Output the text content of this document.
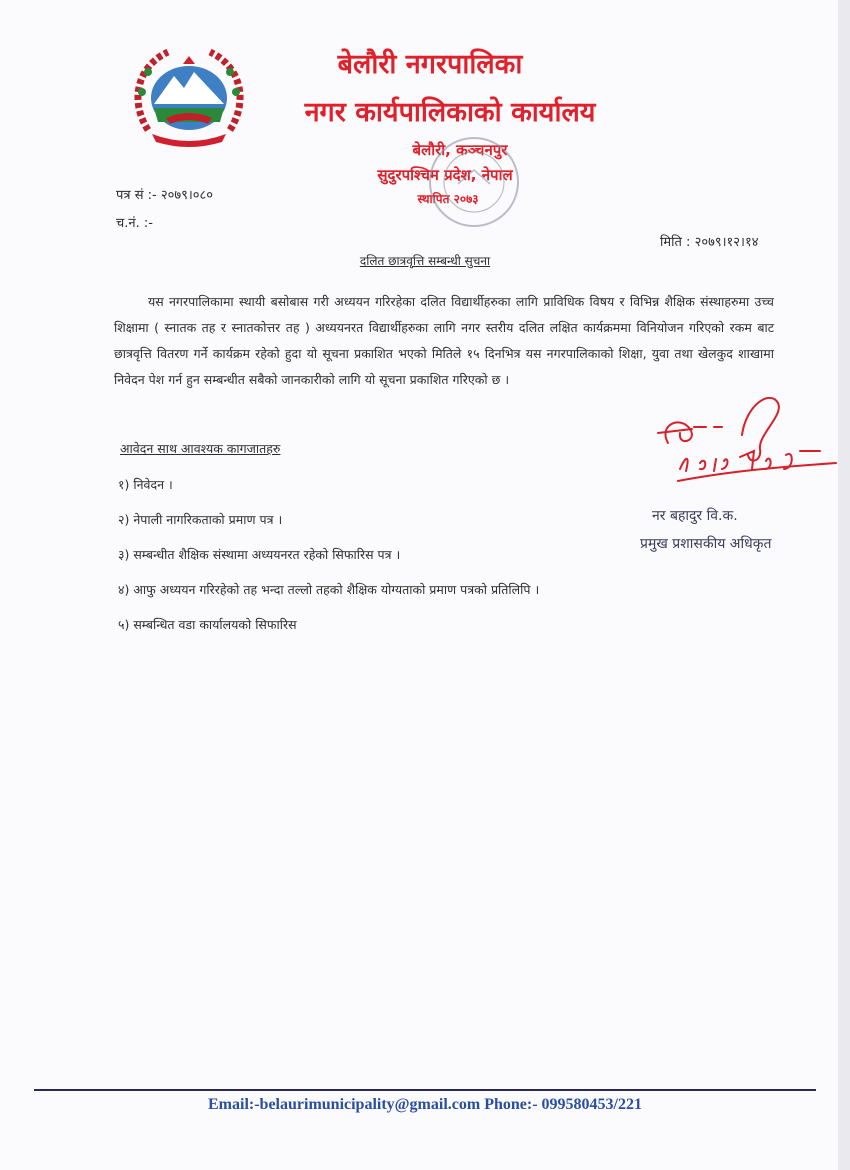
बेलौरी नगरपालिका
नगर कार्यपालिकाको कार्यालय
बेलौरी, कञ्चनपुर
सुदुरपश्चिम प्रदेश, नेपाल
स्थापित २०७३
पत्र सं :- २०७९।०८०
च.नं. :-
मिति : २०७९।१२।१४
दलित छात्रवृत्ति सम्बन्धी सुचना
यस नगरपालिकामा स्थायी बसोबास गरी अध्ययन गरिरहेका दलित विद्यार्थीहरुका लागि प्राविधिक विषय र विभिन्न शैक्षिक संस्थाहरुमा उच्च शिक्षामा ( स्नातक तह र स्नातकोत्तर तह ) अध्ययनरत विद्यार्थीहरुका लागि नगर स्तरीय दलित लक्षित कार्यक्रममा विनियोजन गरिएको रकम बाट छात्रवृत्ति वितरण गर्ने कार्यक्रम रहेको हुदा यो सूचना प्रकाशित भएको मितिले १५ दिनभित्र यस नगरपालिकाको शिक्षा, युवा तथा खेलकुद शाखामा निवेदन पेश गर्न हुन सम्बन्धीत सबैको जानकारीको लागि यो सूचना प्रकाशित गरिएको छ ।
आवेदन साथ आवश्यक कागजातहरु
१) निवेदन ।
२) नेपाली नागरिकताको प्रमाण पत्र ।
३) सम्बन्धीत शैक्षिक संस्थामा अध्ययनरत रहेको सिफारिस पत्र ।
४) आफु अध्ययन गरिरहेको तह भन्दा तल्लो तहको शैक्षिक योग्यताको प्रमाण पत्रको प्रतिलिपि ।
५) सम्बन्धित वडा कार्यालयको सिफारिस
नर बहादुर वि.क.
प्रमुख प्रशासकीय अधिकृत
Email:-belaurimunicipality@gmail.com Phone:- 099580453/221
